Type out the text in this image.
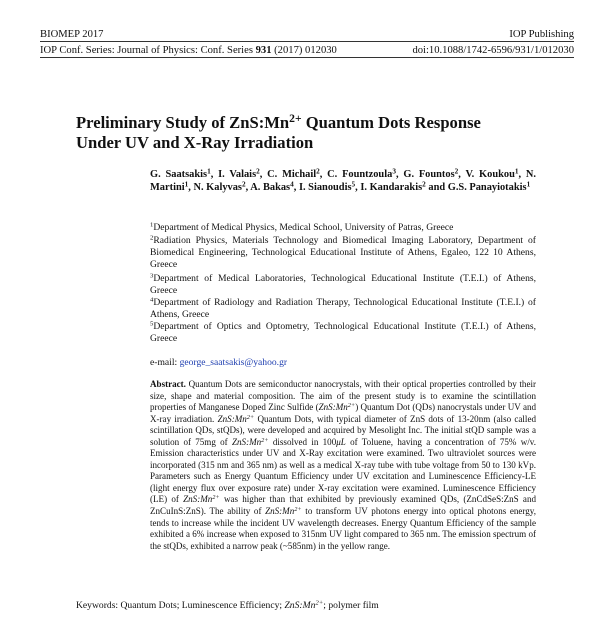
BIOMEP 2017	IOP Publishing
IOP Conf. Series: Journal of Physics: Conf. Series 931 (2017) 012030	doi:10.1088/1742-6596/931/1/012030
Preliminary Study of $ZnS:Mn^{2+}$ Quantum Dots Response
Under UV and X-Ray Irradiation
G. Saatsakis$^1$, I. Valais$^2$, C. Michail$^2$, C. Fountzoula$^3$, G. Fountos$^2$, V. Koukou$^1$, N. Martini$^1$, N. Kalyvas$^2$, A. Bakas$^4$, I. Sianoudis$^5$, I. Kandarakis$^2$ and G.S. Panayiotakis$^1$
$^1$Department of Medical Physics, Medical School, University of Patras, Greece
$^2$Radiation Physics, Materials Technology and Biomedical Imaging Laboratory, Department of Biomedical Engineering, Technological Educational Institute of Athens, Egaleo, 122 10 Athens, Greece
$^3$Department of Medical Laboratories, Technological Educational Institute (T.E.I.) of Athens, Greece
$^4$Department of Radiology and Radiation Therapy, Technological Educational Institute (T.E.I.) of Athens, Greece
$^5$Department of Optics and Optometry, Technological Educational Institute (T.E.I.) of Athens, Greece
e-mail: george_saatsakis@yahoo.gr
Abstract. Quantum Dots are semiconductor nanocrystals, with their optical properties controlled by their size, shape and material composition. The aim of the present study is to examine the scintillation properties of Manganese Doped Zinc Sulfide $(ZnS:Mn^{2+})$ Quantum Dot (QDs) nanocrystals under UV and X-ray irradiation. $ZnS:Mn^{2+}$ Quantum Dots, with typical diameter of ZnS dots of 13-20nm (also called scintillation QDs, stQDs), were developed and acquired by Mesolight Inc. The initial stQD sample was a solution of 75mg of $ZnS:Mn^{2+}$ dissolved in 100μL of Toluene, having a concentration of 75% w/v. Emission characteristics under UV and X-Ray excitation were examined. Two ultraviolet sources were incorporated (315 nm and 365 nm) as well as a medical X-ray tube with tube voltage from 50 to 130 kVp. Parameters such as Energy Quantum Efficiency under UV excitation and Luminescence Efficiency-LE (light energy flux over exposure rate) under X-ray excitation were examined. Luminescence Efficiency (LE) of $ZnS:Mn^{2+}$ was higher than that exhibited by previously examined QDs, (ZnCdSeS:ZnS and ZnCuInS:ZnS). The ability of $ZnS:Mn^{2+}$ to transform UV photons energy into optical photons energy, tends to increase while the incident UV wavelength decreases. Energy Quantum Efficiency of the sample exhibited a 6% increase when exposed to 315nm UV light compared to 365 nm. The emission spectrum of the stQDs, exhibited a narrow peak (~585nm) in the yellow range.
Keywords: Quantum Dots; Luminescence Efficiency; $ZnS:Mn^{2+}$; polymer film
